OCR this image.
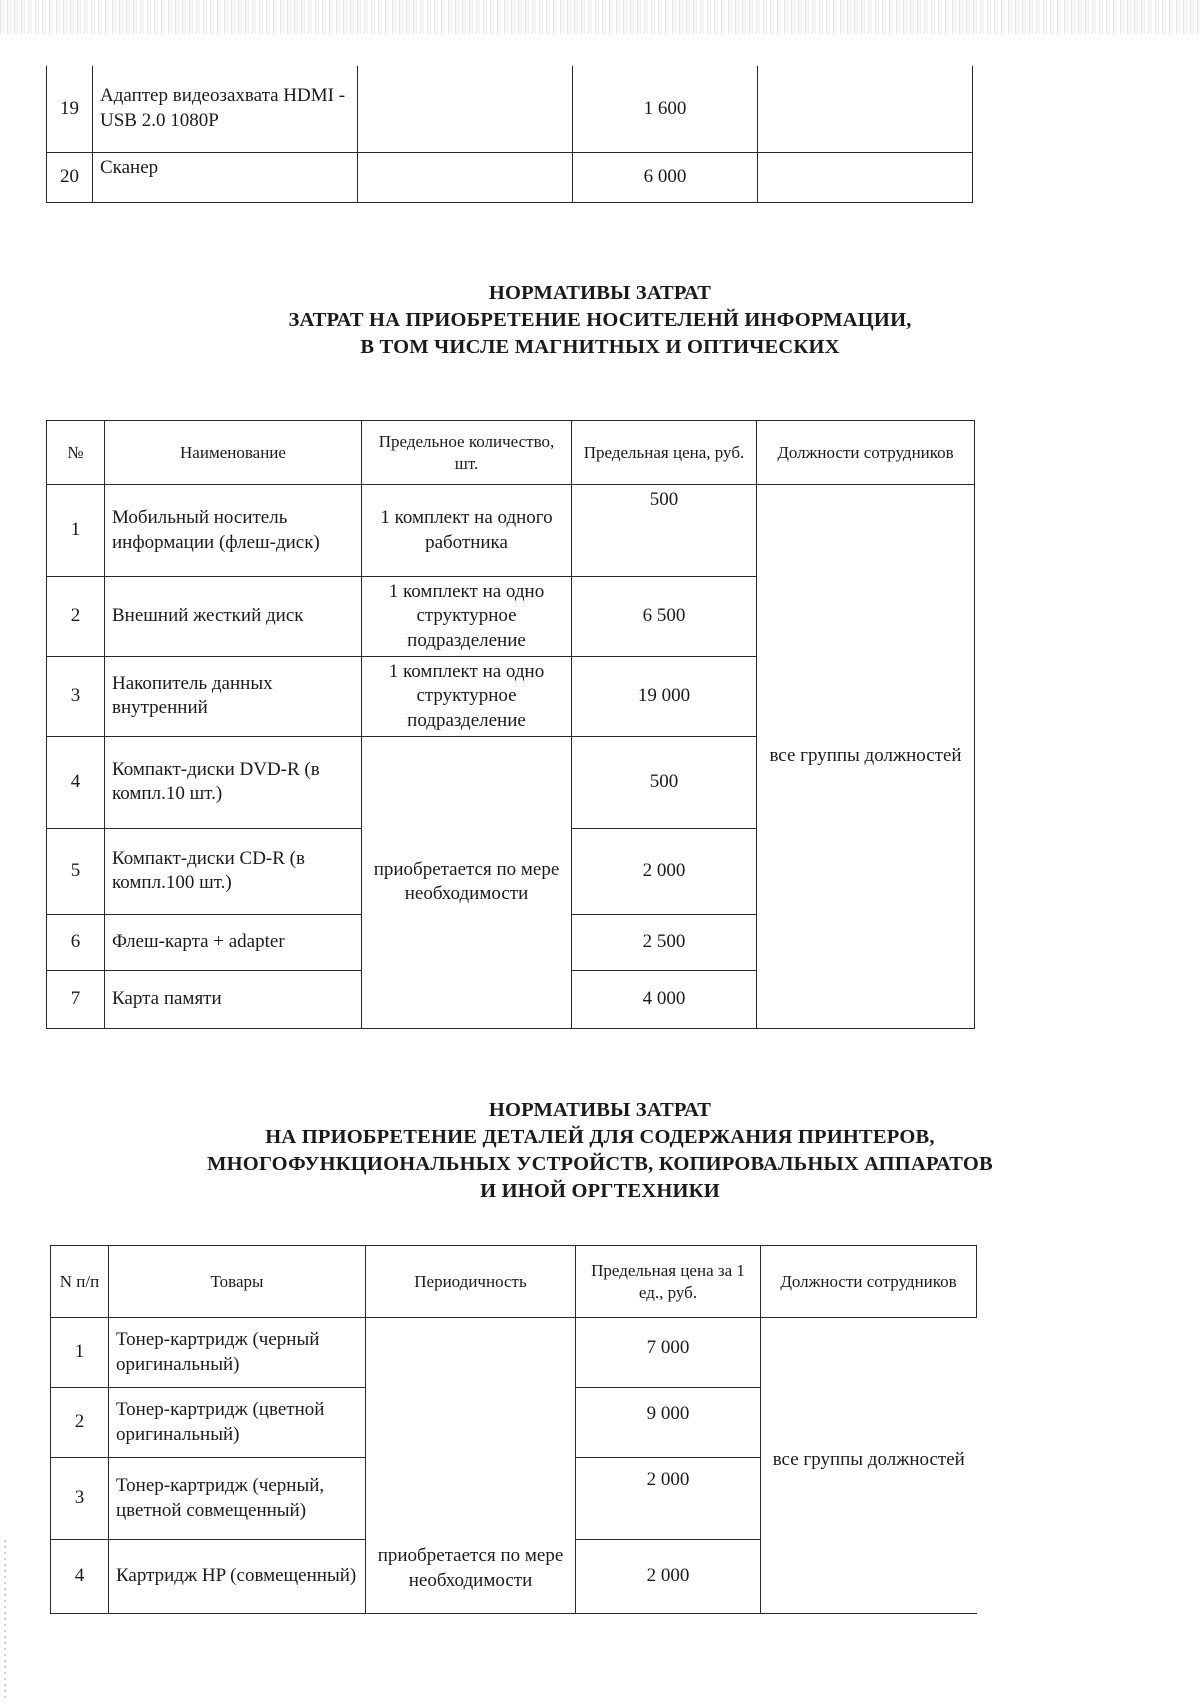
19	Адаптер видеозахвата HDMI - USB 2.0 1080P		1 600	
20	Сканер		6 000	
НОРМАТИВЫ ЗАТРАТ
ЗАТРАТ НА ПРИОБРЕТЕНИЕ НОСИТЕЛЕНЙ ИНФОРМАЦИИ,
В ТОМ ЧИСЛЕ МАГНИТНЫХ И ОПТИЧЕСКИХ
№	Наименование	Предельное количество, шт.	Предельная цена, руб.	Должности сотрудников
1	Мобильный носитель информации (флеш-диск)	1 комплект на одного работника	500	все группы должностей
2	Внешний жесткий диск	1 комплект на одно структурное подразделение	6 500	
3	Накопитель данных внутренний	1 комплект на одно структурное подразделение	19 000	
4	Компакт-диски DVD-R (в компл.10 шт.)	приобретается по мере необходимости	500	
5	Компакт-диски CD-R (в компл.100 шт.)		2 000	
6	Флеш-карта + adapter		2 500	
7	Карта памяти		4 000	
НОРМАТИВЫ ЗАТРАТ
НА ПРИОБРЕТЕНИЕ ДЕТАЛЕЙ ДЛЯ СОДЕРЖАНИЯ ПРИНТЕРОВ,
МНОГОФУНКЦИОНАЛЬНЫХ УСТРОЙСТВ, КОПИРОВАЛЬНЫХ АППАРАТОВ
И ИНОЙ ОРГТЕХНИКИ
N п/п	Товары	Периодичность	Предельная цена за 1 ед., руб.	Должности сотрудников
1	Тонер-картридж (черный оригинальный)	приобретается по мере необходимости	7 000	все группы должностей
2	Тонер-картридж (цветной оригинальный)		9 000	
3	Тонер-картридж (черный, цветной совмещенный)		2 000	
4	Картридж HP (совмещенный)		2 000	
